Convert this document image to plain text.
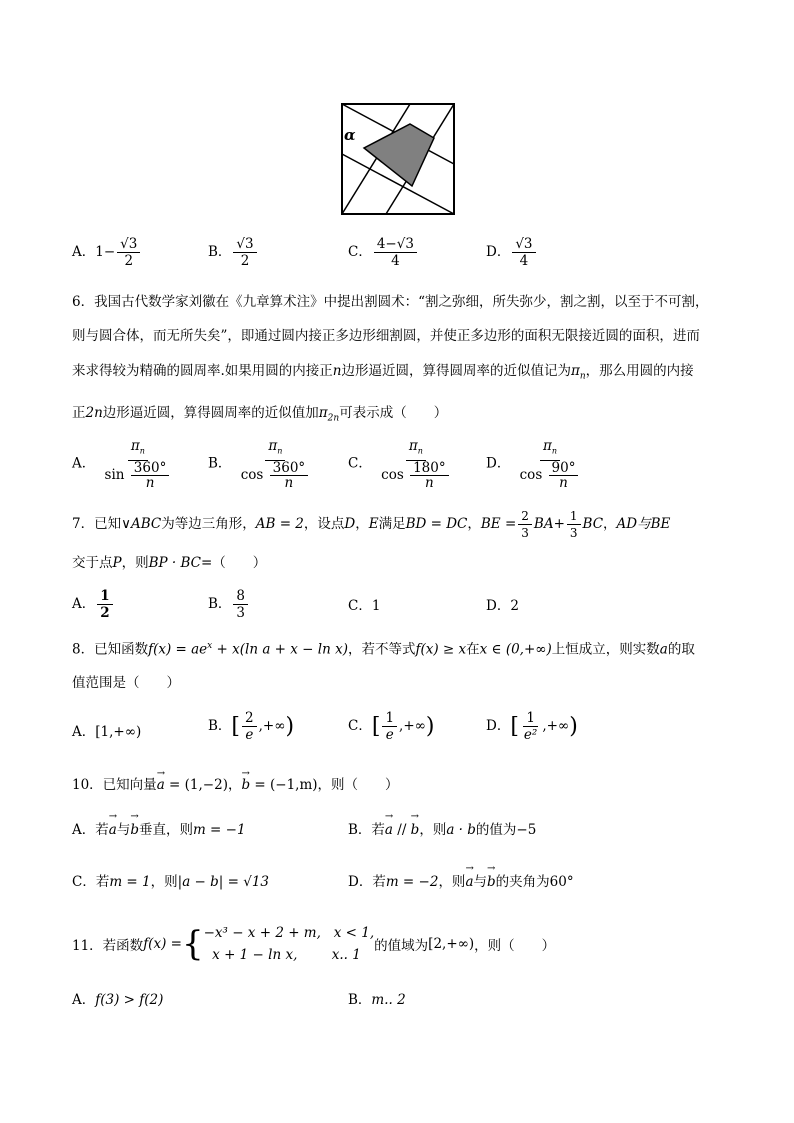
α
A．$1- \frac{√3}{2}$	B． $\frac{√3}{2}$	C． $\frac{4-√3}{4}$	D． $\frac{√3}{4}$
6．我国古代数学家刘徽在《九章算术注》中提出割圆术：“割之弥细，所失弥少，割之割，以至于不可割，
则与圆合体，而无所失矣”，即通过圆内接正多边形细割圆，并使正多边形的面积无限接近圆的面积，进而
来求得较为精确的圆周率.如果用圆的内接正n边形逼近圆，算得圆周率的近似值记为$\pi_n$，那么用圆的内接
正2n边形逼近圆，算得圆周率的近似值加$\pi_{2n}$可表示成（　　）
A． $\frac{\pi_n}{\sin \frac{360^\circ}{n}}$ B． $\frac{\pi_n}{\cos \frac{360^\circ}{n}}$	C． $\frac{\pi_n}{\cos \frac{180^\circ}{n}}$ D． $\frac{\pi_n}{\cos \frac{90^\circ}{n}}$
7．已知∨ABC为等边三角形，AB = 2，设点D，E满足BD = DC，BE = $\frac{2}{3} BA+ \frac{1}{3}$ BC，AD与BE
交于点P，则BP · BC=（　　）
A． $\frac{1}{2}$	B． $\frac{8}{3}$	C．1	D．2
8．已知函数$f(x) = ae^x + x(\ln$ a + x − ln x)，若不等式f(x) ≥ x在x ∈ (0,+∞)上恒成立，则实数a的取
值范围是（　　）
A．[1,+∞)	B．[ $\frac{2}{e}$ ,+∞)	C．[ $\frac{1}{e}$ ,+∞)	D．[ $\frac{1}{\text{e²}}$ ,+∞)
10．已知向量→ a = (1,−2)，→ b = (−1,m)，则（　　）
A．若→ a与→ b垂直，则m = −1	B．若→ a // → b，则a · b的值为−5
C．若m = 1，则|a − b| = √13	D．若m = −2，则→ a与→ b的夹角为60°
11．若函数f(x) ={−x³ − x + 2 + m, x < 1,
x + 1 − ln x,	x.. 1的值域为[2,+∞)，则（　　）
A．f(3) > f(2)	B．m.. 2
